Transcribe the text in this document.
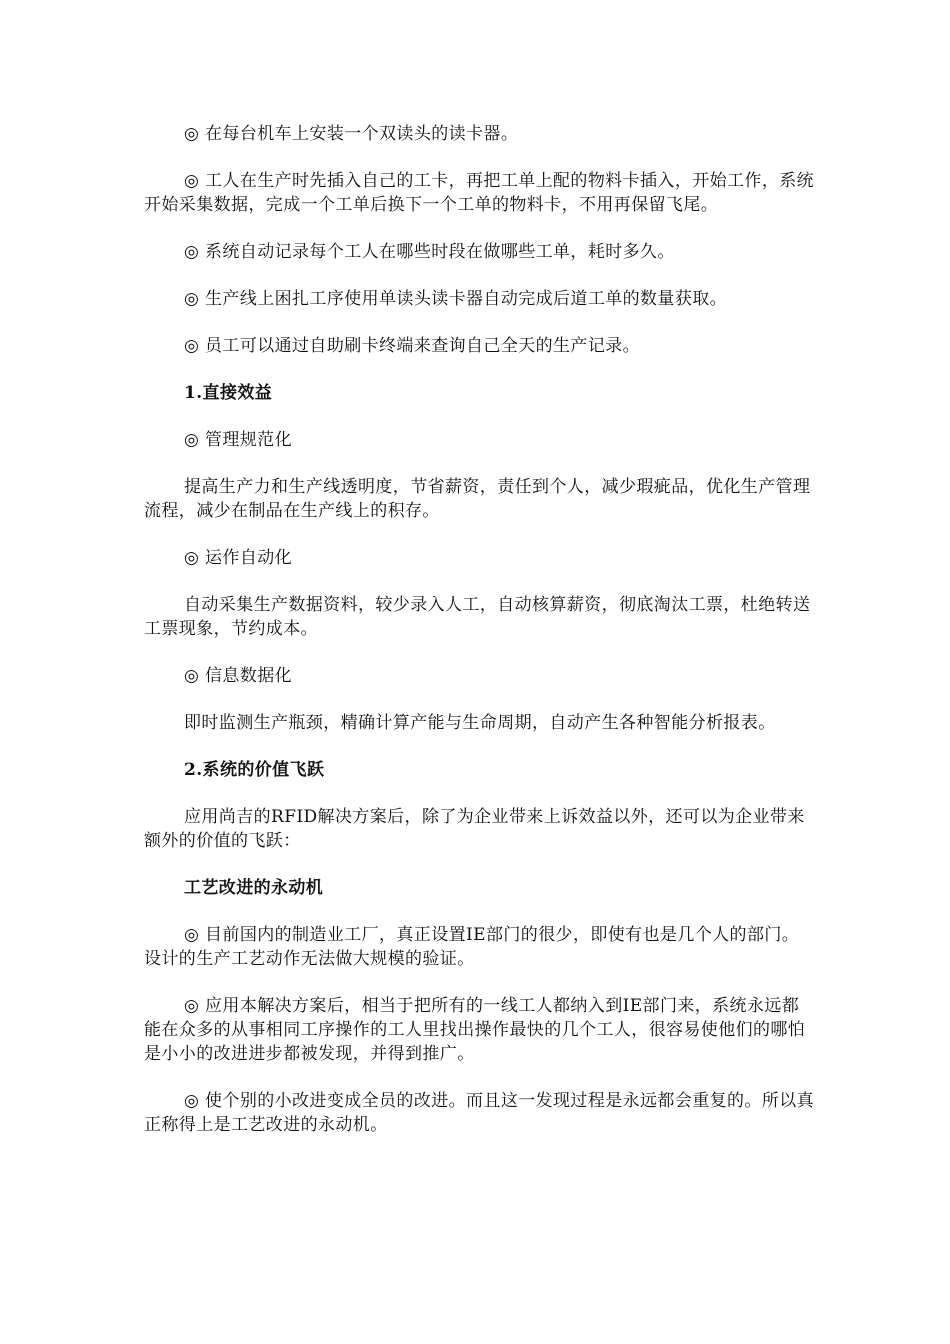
◎ 在每台机车上安装一个双读头的读卡器。

◎ 工人在生产时先插入自己的工卡，再把工单上配的物料卡插入，开始工作，系统开始采集数据，完成一个工单后换下一个工单的物料卡，不用再保留飞尾。

◎ 系统自动记录每个工人在哪些时段在做哪些工单，耗时多久。

◎ 生产线上困扎工序使用单读头读卡器自动完成后道工单的数量获取。

◎ 员工可以通过自助刷卡终端来查询自己全天的生产记录。

1.直接效益

◎ 管理规范化

提高生产力和生产线透明度，节省薪资，责任到个人，减少瑕疵品，优化生产管理流程，减少在制品在生产线上的积存。

◎ 运作自动化

自动采集生产数据资料，较少录入人工，自动核算薪资，彻底淘汰工票，杜绝转送工票现象，节约成本。

◎ 信息数据化

即时监测生产瓶颈，精确计算产能与生命周期，自动产生各种智能分析报表。

2.系统的价值飞跃

应用尚吉的RFID解决方案后，除了为企业带来上诉效益以外，还可以为企业带来额外的价值的飞跃：

工艺改进的永动机

◎ 目前国内的制造业工厂，真正设置IE部门的很少，即使有也是几个人的部门。设计的生产工艺动作无法做大规模的验证。

◎ 应用本解决方案后，相当于把所有的一线工人都纳入到IE部门来，系统永远都能在众多的从事相同工序操作的工人里找出操作最快的几个工人，很容易使他们的哪怕是小小的改进进步都被发现，并得到推广。

◎ 使个别的小改进变成全员的改进。而且这一发现过程是永远都会重复的。所以真正称得上是工艺改进的永动机。
